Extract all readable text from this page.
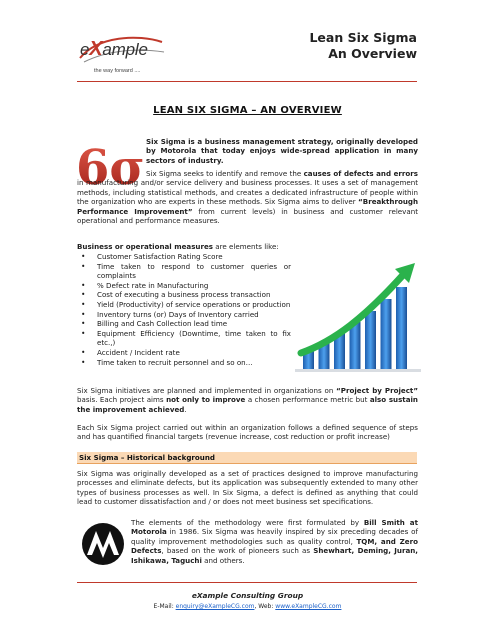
eXample
the way forward ....
Lean Six Sigma
An Overview
LEAN SIX SIGMA – AN OVERVIEW
6σ Six Sigma is a business management strategy, originally developed by Motorola that today enjoys wide-spread application in many sectors of industry.
Six Sigma seeks to identify and remove the causes of defects and errors in manufacturing and/or service delivery and business processes. It uses a set of management methods, including statistical methods, and creates a dedicated infrastructure of people within the organization who are experts in these methods. Six Sigma aims to deliver “Breakthrough Performance Improvement” from current levels) in business and customer relevant operational and performance measures.
Business or operational measures are elements like:
• Customer Satisfaction Rating Score
• Time taken to respond to customer queries or complaints
• % Defect rate in Manufacturing
• Cost of executing a business process transaction
• Yield (Productivity) of service operations or production
• Inventory turns (or) Days of Inventory carried
• Billing and Cash Collection lead time
• Equipment Efficiency (Downtime, time taken to fix etc.,)
• Accident / Incident rate
• Time taken to recruit personnel and so on…
Six Sigma initiatives are planned and implemented in organizations on “Project by Project” basis. Each project aims not only to improve a chosen performance metric but also sustain the improvement achieved.
Each Six Sigma project carried out within an organization follows a defined sequence of steps and has quantified financial targets (revenue increase, cost reduction or profit increase)
Six Sigma – Historical background
Six Sigma was originally developed as a set of practices designed to improve manufacturing processes and eliminate defects, but its application was subsequently extended to many other types of business processes as well. In Six Sigma, a defect is defined as anything that could lead to customer dissatisfaction and / or does not meet business set specifications.
The elements of the methodology were first formulated by Bill Smith at Motorola in 1986. Six Sigma was heavily inspired by six preceding decades of quality improvement methodologies such as quality control, TQM, and Zero Defects, based on the work of pioneers such as Shewhart, Deming, Juran, Ishikawa, Taguchi and others.
eXample Consulting Group
E-Mail: enquiry@eXampleCG.com, Web: www.eXampleCG.com
